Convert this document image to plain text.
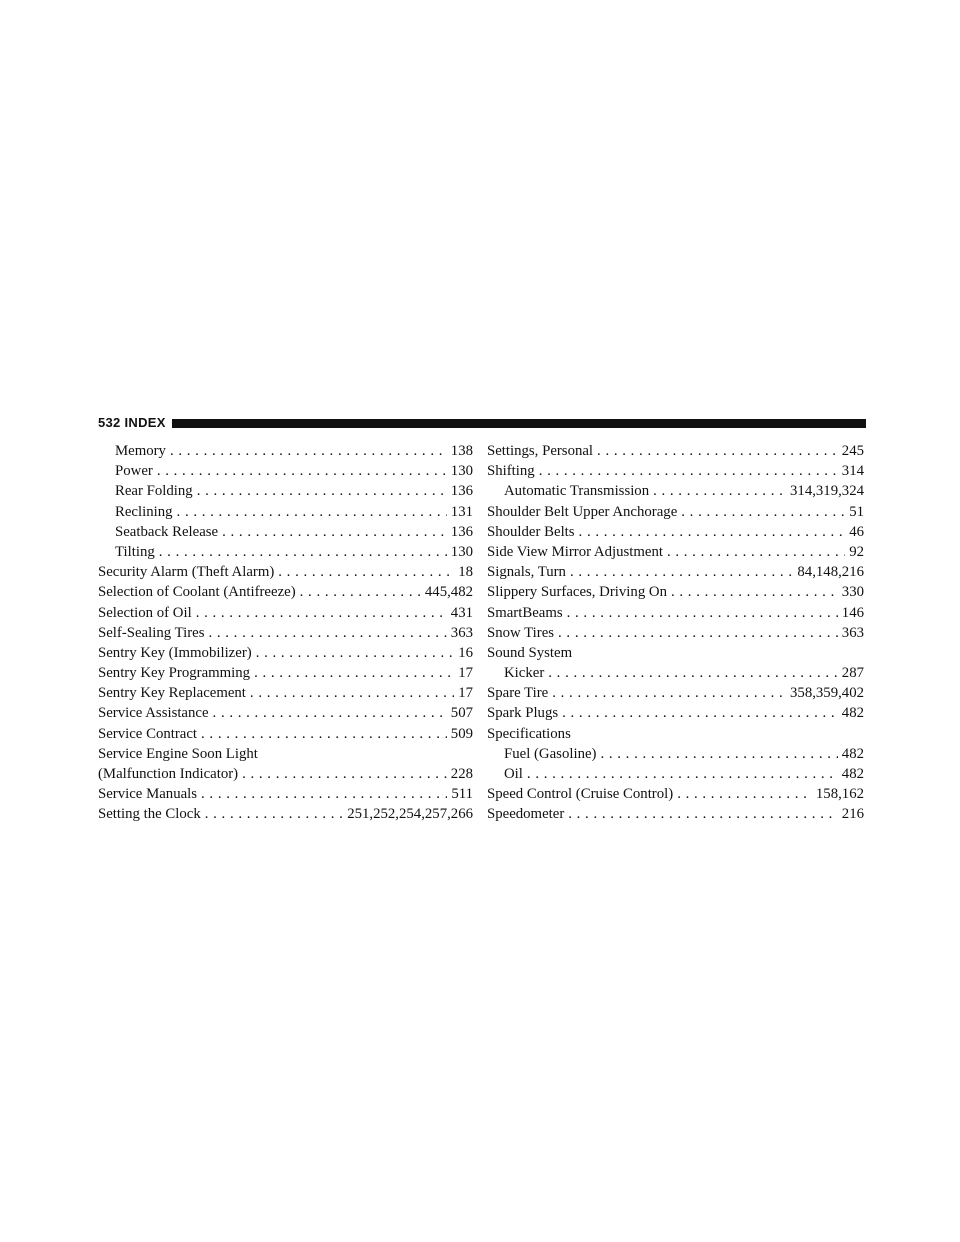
532 INDEX
Memory . . .	138
Power . . .	130
Rear Folding . . .	136
Reclining . . .	131
Seatback Release . . .	136
Tilting . . .	130
Security Alarm (Theft Alarm) . . .	18
Selection of Coolant (Antifreeze) . . .	445,482
Selection of Oil . . .	431
Self-Sealing Tires . . .	363
Sentry Key (Immobilizer) . . .	16
Sentry Key Programming . . .	17
Sentry Key Replacement . . .	17
Service Assistance . . .	507
Service Contract . . .	509
Service Engine Soon Light
(Malfunction Indicator) . . .	228
Service Manuals . . .	511
Setting the Clock . . .	251,252,254,257,266
Settings, Personal . . .	245
Shifting . . .	314
Automatic Transmission . . .	314,319,324
Shoulder Belt Upper Anchorage . . .	51
Shoulder Belts . . .	46
Side View Mirror Adjustment . . .	92
Signals, Turn . . .	84,148,216
Slippery Surfaces, Driving On . . .	330
SmartBeams . . .	146
Snow Tires . . .	363
Sound System
Kicker . . .	287
Spare Tire . . .	358,359,402
Spark Plugs . . .	482
Specifications
Fuel (Gasoline) . . .	482
Oil . . .	482
Speed Control (Cruise Control) . . .	158,162
Speedometer . . .	216
